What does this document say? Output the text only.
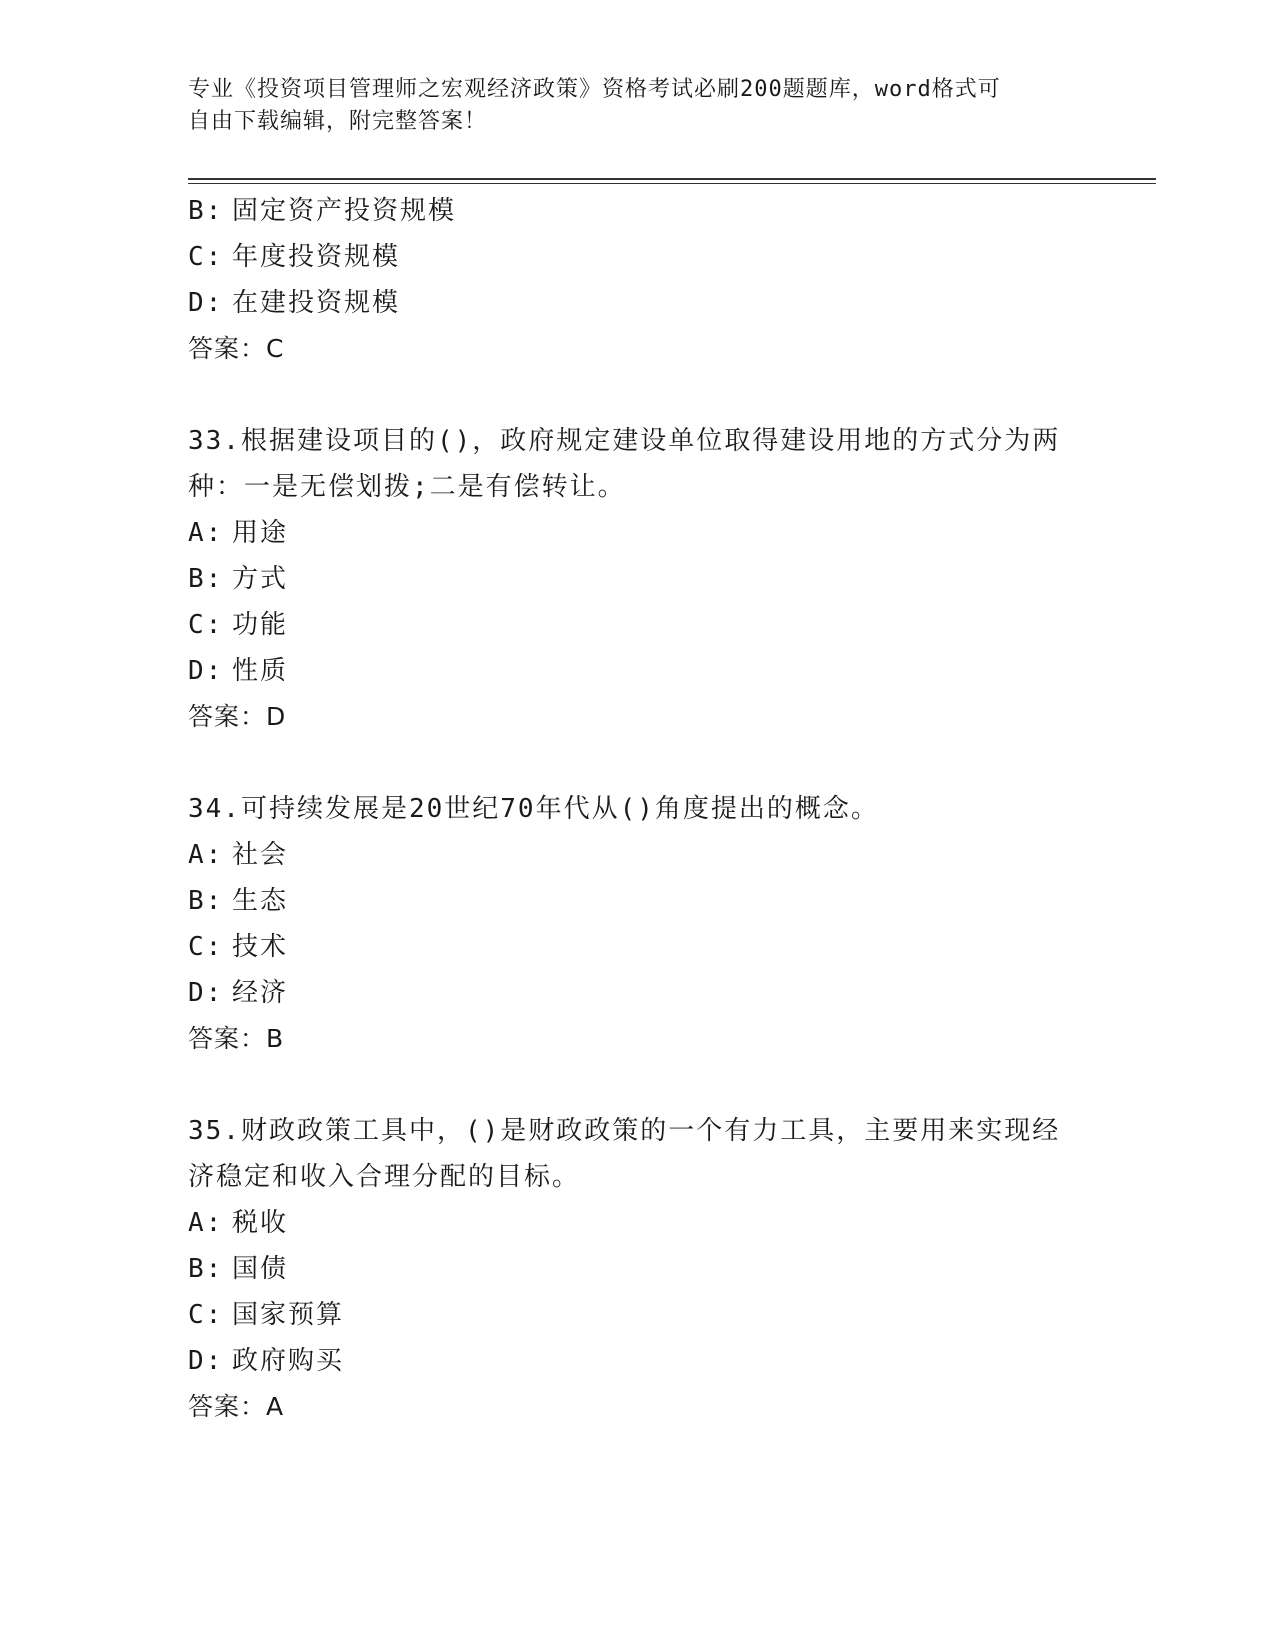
专业《投资项目管理师之宏观经济政策》资格考试必刷200题题库，word格式可
自由下载编辑，附完整答案！
B: 固定资产投资规模
C: 年度投资规模
D: 在建投资规模
答案：C
33.根据建设项目的()，政府规定建设单位取得建设用地的方式分为两种：一是无偿划拨;二是有偿转让。
A: 用途
B: 方式
C: 功能
D: 性质
答案：D
34.可持续发展是20世纪70年代从()角度提出的概念。
A: 社会
B: 生态
C: 技术
D: 经济
答案：B
35.财政政策工具中，()是财政政策的一个有力工具，主要用来实现经济稳定和收入合理分配的目标。
A: 税收
B: 国债
C: 国家预算
D: 政府购买
答案：A
